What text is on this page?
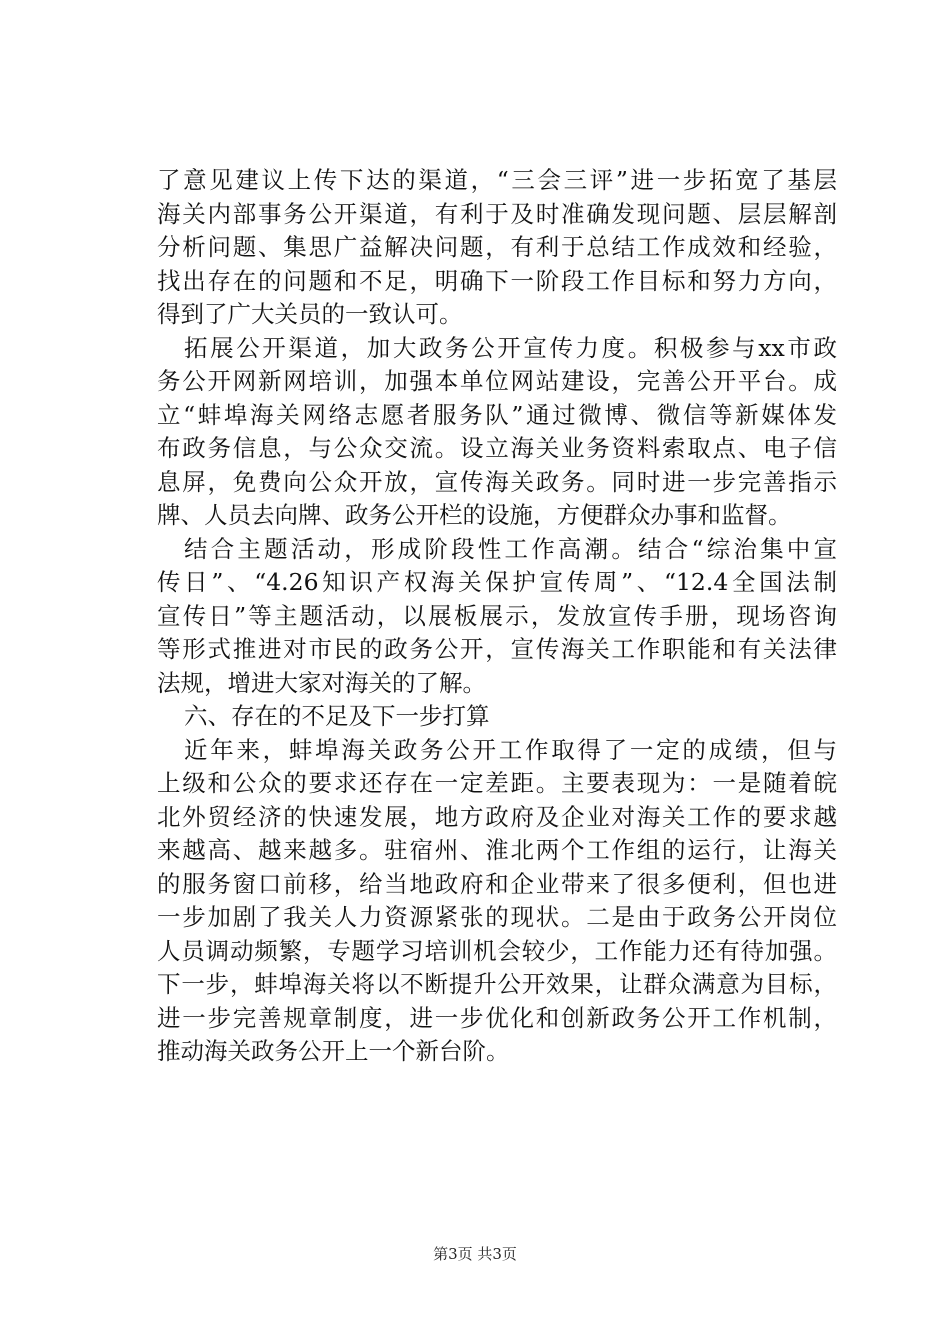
了意见建议上传下达的渠道，“三会三评”进一步拓宽了基层
海关内部事务公开渠道，有利于及时准确发现问题、层层解剖
分析问题、集思广益解决问题，有利于总结工作成效和经验，
找出存在的问题和不足，明确下一阶段工作目标和努力方向，
得到了广大关员的一致认可。
拓展公开渠道，加大政务公开宣传力度。积极参与xx市政
务公开网新网培训，加强本单位网站建设，完善公开平台。成
立“蚌埠海关网络志愿者服务队”通过微博、微信等新媒体发
布政务信息，与公众交流。设立海关业务资料索取点、电子信
息屏，免费向公众开放，宣传海关政务。同时进一步完善指示
牌、人员去向牌、政务公开栏的设施，方便群众办事和监督。
结合主题活动，形成阶段性工作高潮。结合“综治集中宣
传日”、“4.26知识产权海关保护宣传周”、“12.4全国法制
宣传日”等主题活动，以展板展示，发放宣传手册，现场咨询
等形式推进对市民的政务公开，宣传海关工作职能和有关法律
法规，增进大家对海关的了解。
六、存在的不足及下一步打算
近年来，蚌埠海关政务公开工作取得了一定的成绩，但与
上级和公众的要求还存在一定差距。主要表现为：一是随着皖
北外贸经济的快速发展，地方政府及企业对海关工作的要求越
来越高、越来越多。驻宿州、淮北两个工作组的运行，让海关
的服务窗口前移，给当地政府和企业带来了很多便利，但也进
一步加剧了我关人力资源紧张的现状。二是由于政务公开岗位
人员调动频繁，专题学习培训机会较少，工作能力还有待加强。
下一步，蚌埠海关将以不断提升公开效果，让群众满意为目标，
进一步完善规章制度，进一步优化和创新政务公开工作机制，
推动海关政务公开上一个新台阶。
第3页 共3页
